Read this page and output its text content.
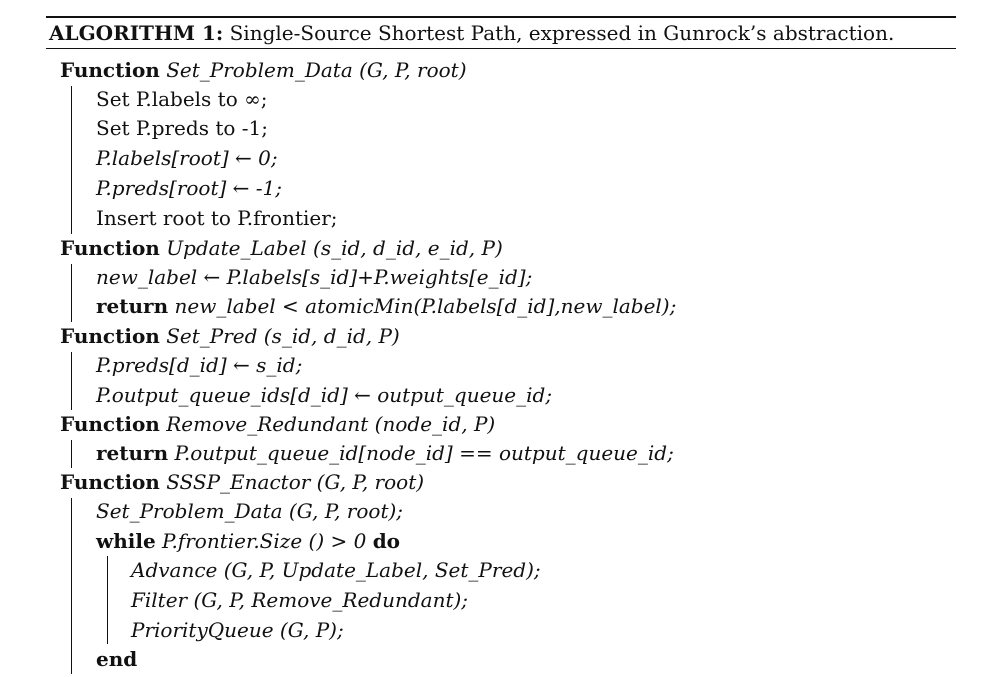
ALGORITHM 1: Single-Source Shortest Path, expressed in Gunrock’s abstraction.
Function Set_Problem_Data (G, P, root)
Set P.labels to ∞;
Set P.preds to -1;
P.labels[root] ← 0;
P.preds[root] ← -1;
Insert root to P.frontier;
Function Update_Label (s_id, d_id, e_id, P)
new_label ← P.labels[s_id]+P.weights[e_id];
return new_label < atomicMin(P.labels[d_id],new_label);
Function Set_Pred (s_id, d_id, P)
P.preds[d_id] ← s_id;
P.output_queue_ids[d_id] ← output_queue_id;
Function Remove_Redundant (node_id, P)
return P.output_queue_id[node_id] == output_queue_id;
Function SSSP_Enactor (G, P, root)
Set_Problem_Data (G, P, root);
while P.frontier.Size () > 0 do
Advance (G, P, Update_Label, Set_Pred);
Filter (G, P, Remove_Redundant);
PriorityQueue (G, P);
end
